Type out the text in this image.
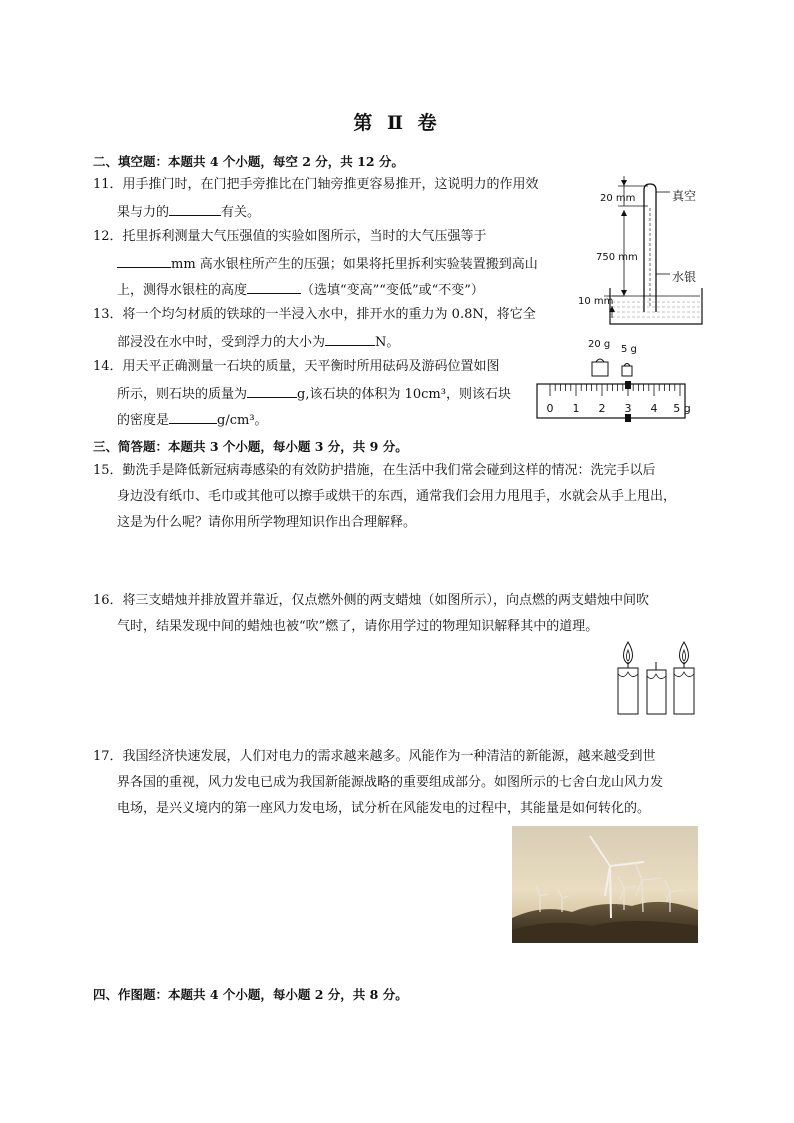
第 Ⅱ 卷
二、填空题：本题共 4 个小题，每空 2 分，共 12 分。
11．用手推门时，在门把手旁推比在门轴旁推更容易推开，这说明力的作用效
果与力的	有关。
12．托里拆利测量大气压强值的实验如图所示，当时的大气压强等于
mm 高水银柱所产生的压强；如果将托里拆利实验装置搬到高山
上，测得水银柱的高度	（选填“变高”“变低”或“不变”）
13．将一个均匀材质的铁球的一半浸入水中，排开水的重力为 0.8N，将它全
部浸没在水中时，受到浮力的大小为	N。
14．用天平正确测量一石块的质量，天平衡时所用砝码及游码位置如图
所示，则石块的质量为	g,该石块的体积为 10cm³，则该石块
的密度是	g/cm³。
20 mm	真空
750 mm
水银
10 mm
20 g 5 g
0 1 2 3 4 5 g
三、简答题：本题共 3 个小题，每小题 3 分，共 9 分。
15．勤洗手是降低新冠病毒感染的有效防护措施，在生活中我们常会碰到这样的情况：洗完手以后
身边没有纸巾、毛巾或其他可以擦手或烘干的东西，通常我们会用力甩甩手，水就会从手上甩出，
这是为什么呢？请你用所学物理知识作出合理解释。
16．将三支蜡烛并排放置并靠近，仅点燃外侧的两支蜡烛（如图所示），向点燃的两支蜡烛中间吹
气时，结果发现中间的蜡烛也被“吹”燃了，请你用学过的物理知识解释其中的道理。
17．我国经济快速发展，人们对电力的需求越来越多。风能作为一种清洁的新能源，越来越受到世
界各国的重视，风力发电已成为我国新能源战略的重要组成部分。如图所示的七舍白龙山风力发
电场，是兴义境内的第一座风力发电场，试分析在风能发电的过程中，其能量是如何转化的。
四、作图题：本题共 4 个小题，每小题 2 分，共 8 分。
